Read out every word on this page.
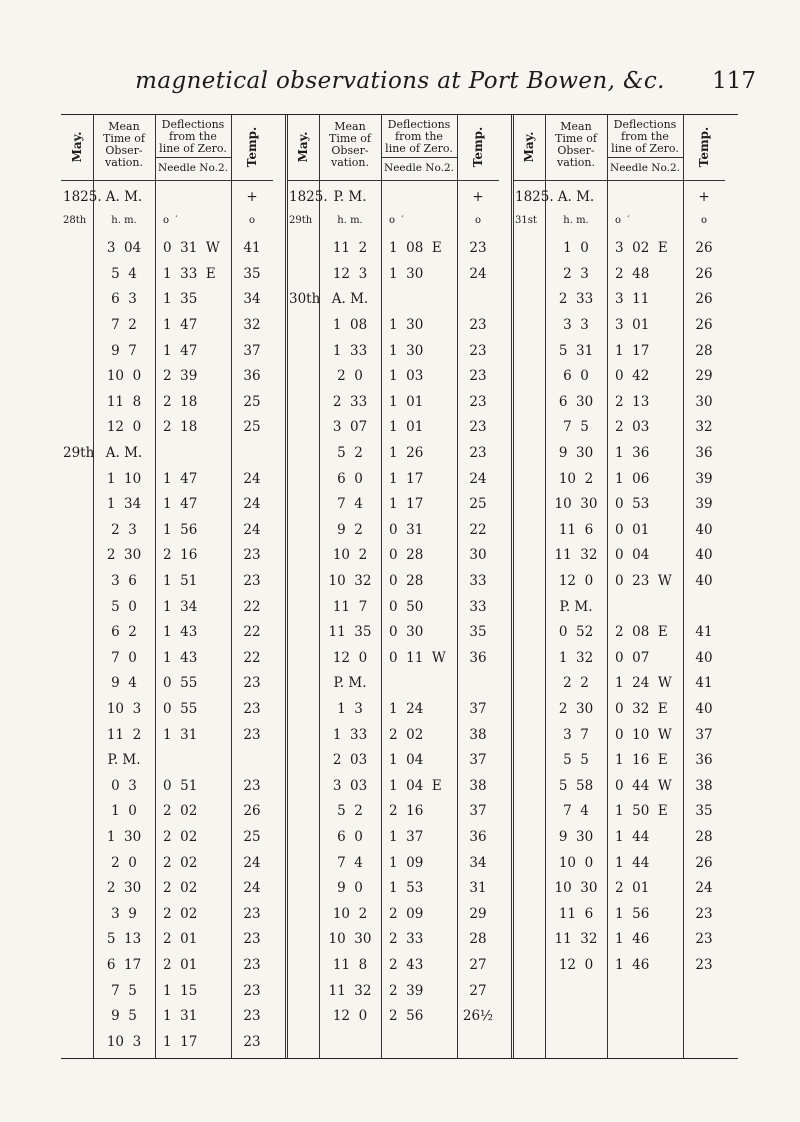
magnetical observations at Port Bowen, &c.	117
May.
Mean Time of Obser- vation.
Deflections from the line of Zero.
Needle No.2.
Temp.
1825. A. M.	+
28th	h. m.	o  ′	o
3  04	0  31  W	41
5  4	1  33  E	35
6  3	1  35	34
7  2	1  47	32
9  7	1  47	37
10  0	2  39	36
11  8	2  18	25
12  0	2  18	25
29th A. M.
1  10	1  47	24
1  34	1  47	24
2  3	1  56	24
2  30	2  16	23
3  6	1  51	23
5  0	1  34	22
6  2	1  43	22
7  0	1  43	22
9  4	0  55	23
10  3	0  55	23
11  2	1  31	23
P. M.
0  3	0  51	23
1  0	2  02	26
1  30	2  02	25
2  0	2  02	24
2  30	2  02	24
3  9	2  02	23
5  13	2  01	23
6  17	2  01	23
7  5	1  15	23
9  5	1  31	23
10  3	1  17	23
May.
Mean Time of Obser- vation.
Deflections from the line of Zero.
Needle No.2.
Temp.
1825. P. M.	+
29th	h. m.	o  ′	o
11  2	1  08  E	23
12  3	1  30	24
30th A. M.
1  08	1  30	23
1  33	1  30	23
2  0	1  03	23
2  33	1  01	23
3  07	1  01	23
5  2	1  26	23
6  0	1  17	24
7  4	1  17	25
9  2	0  31	22
10  2	0  28	30
10  32	0  28	33
11  7	0  50	33
11  35	0  30	35
12  0	0  11  W	36
P. M.
1  3	1  24	37
1  33	2  02	38
2  03	1  04	37
3  03	1  04  E	38
5  2	2  16	37
6  0	1  37	36
7  4	1  09	34
9  0	1  53	31
10  2	2  09	29
10  30	2  33	28
11  8	2  43	27
11  32	2  39	27
12  0	2  56	26½
May.
Mean Time of Obser- vation.
Deflections from the line of Zero.
Needle No.2.
Temp.
1825. A. M.	+
31st	h. m.	o  ′	o
1  0	3  02  E	26
2  3	2  48	26
2  33	3  11	26
3  3	3  01	26
5  31	1  17	28
6  0	0  42	29
6  30	2  13	30
7  5	2  03	32
9  30	1  36	36
10  2	1  06	39
10  30	0  53	39
11  6	0  01	40
11  32	0  04	40
12  0	0  23  W	40
P. M.
0  52	2  08  E	41
1  32	0  07	40
2  2	1  24  W	41
2  30	0  32  E	40
3  7	0  10  W	37
5  5	1  16  E	36
5  58	0  44  W	38
7  4	1  50  E	35
9  30	1  44	28
10  0	1  44	26
10  30	2  01	24
11  6	1  56	23
11  32	1  46	23
12  0	1  46	23
